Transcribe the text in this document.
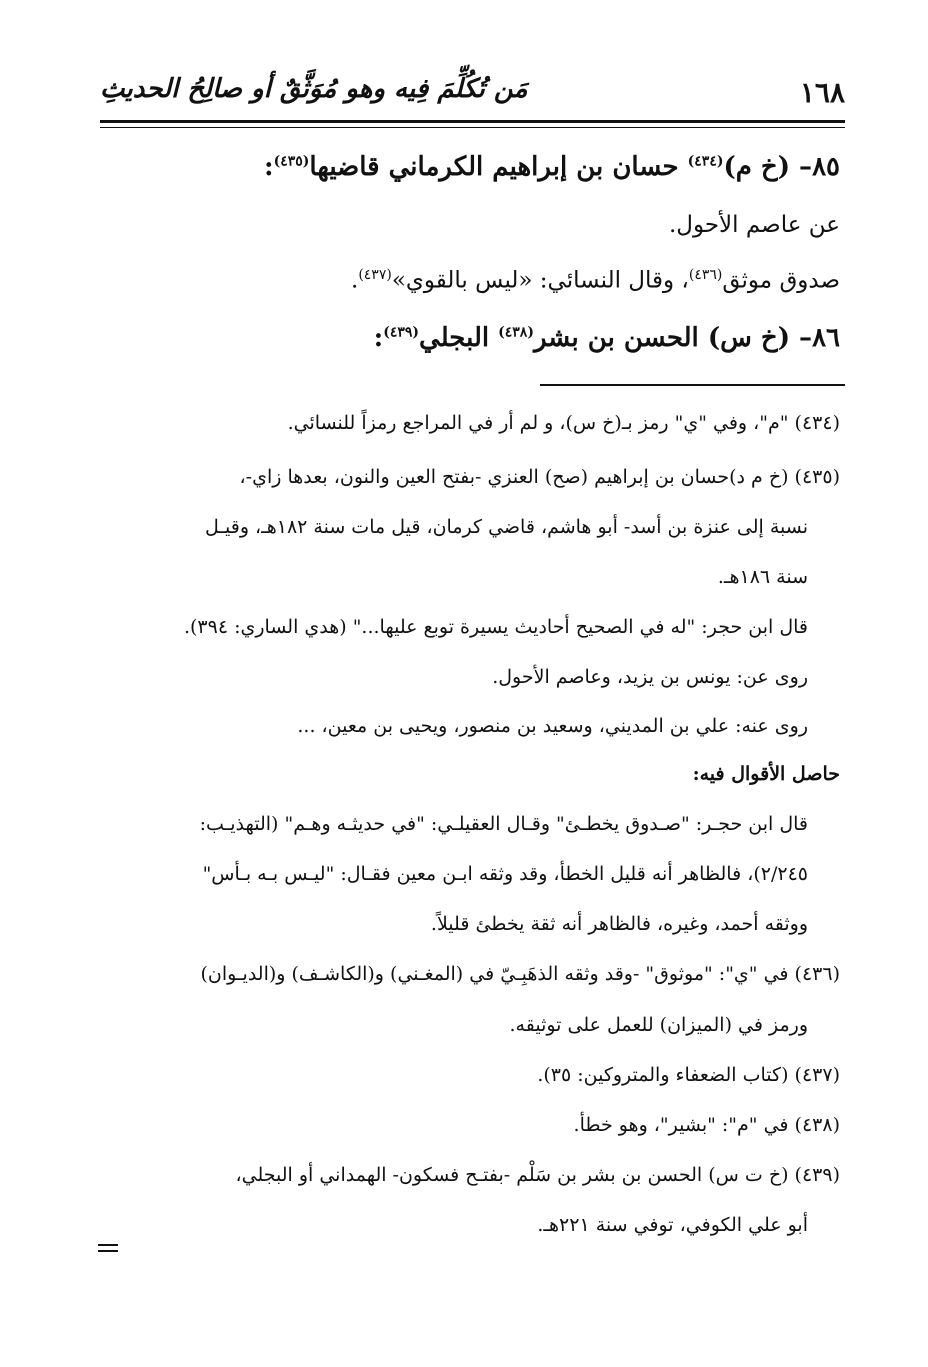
١٦٨
مَن تُكُلِّمَ فِيه وهو مُوَثَّقٌ أو صالِحُ الحديثِ
٨٥– (خ م)$^{(٤٣٤)}$ حسان بن إبراهيم الكرماني قاضيها$^{(٤٣٥)}$:
عن عاصم الأحول.
صدوق موثق$^{(٤٣٦)}$، وقال النسائي: «ليس بالقوي»$^{(٤٣٧)}$.
٨٦– (خ س) الحسن بن بشر$^{(٤٣٨)}$ البجلي$^{(٤٣٩)}$:
(٤٣٤) "م"، وفي "ي" رمز بـ(خ س)، و لم أر في المراجع رمزاً للنسائي.
(٤٣٥) (خ م د)حسان بن إبراهيم (صح) العنزي -بفتح العين والنون، بعدها زاي-،
نسبة إلى عنزة بن أسد- أبو هاشم، قاضي كرمان، قيل مات سنة ١٨٢هـ، وقيـل
سنة ١٨٦هـ.
قال ابن حجر: "له في الصحيح أحاديث يسيرة توبع عليها..." (هدي الساري: ٣٩٤).
روى عن: يونس بن يزيد، وعاصم الأحول.
روى عنه: علي بن المديني، وسعيد بن منصور، ويحيى بن معين، ...
حاصل الأقوال فيه:
قال ابن حجـر: "صـدوق يخطـئ" وقـال العقيلـي: "في حديثـه وهـم" (التهذيـب:
٢/٢٤٥)، فالظاهر أنه قليل الخطأ، وقد وثقه ابـن معين فقـال: "ليـس بـه بـأس"
ووثقه أحمد، وغيره، فالظاهر أنه ثقة يخطئ قليلاً.
(٤٣٦) في "ي": "موثوق" -وقد وثقه الذهَبِـيّ في (المغـني) و(الكاشـف) و(الديـوان)
ورمز في (الميزان) للعمل على توثيقه.
(٤٣٧) (كتاب الضعفاء والمتروكين: ٣٥).
(٤٣٨) في "م": "بشير"، وهو خطأ.
(٤٣٩) (خ ت س) الحسن بن بشر بن سَلْم -بفتـح فسكون- الهمداني أو البجلي،
أبو علي الكوفي، توفي سنة ٢٢١هـ.
